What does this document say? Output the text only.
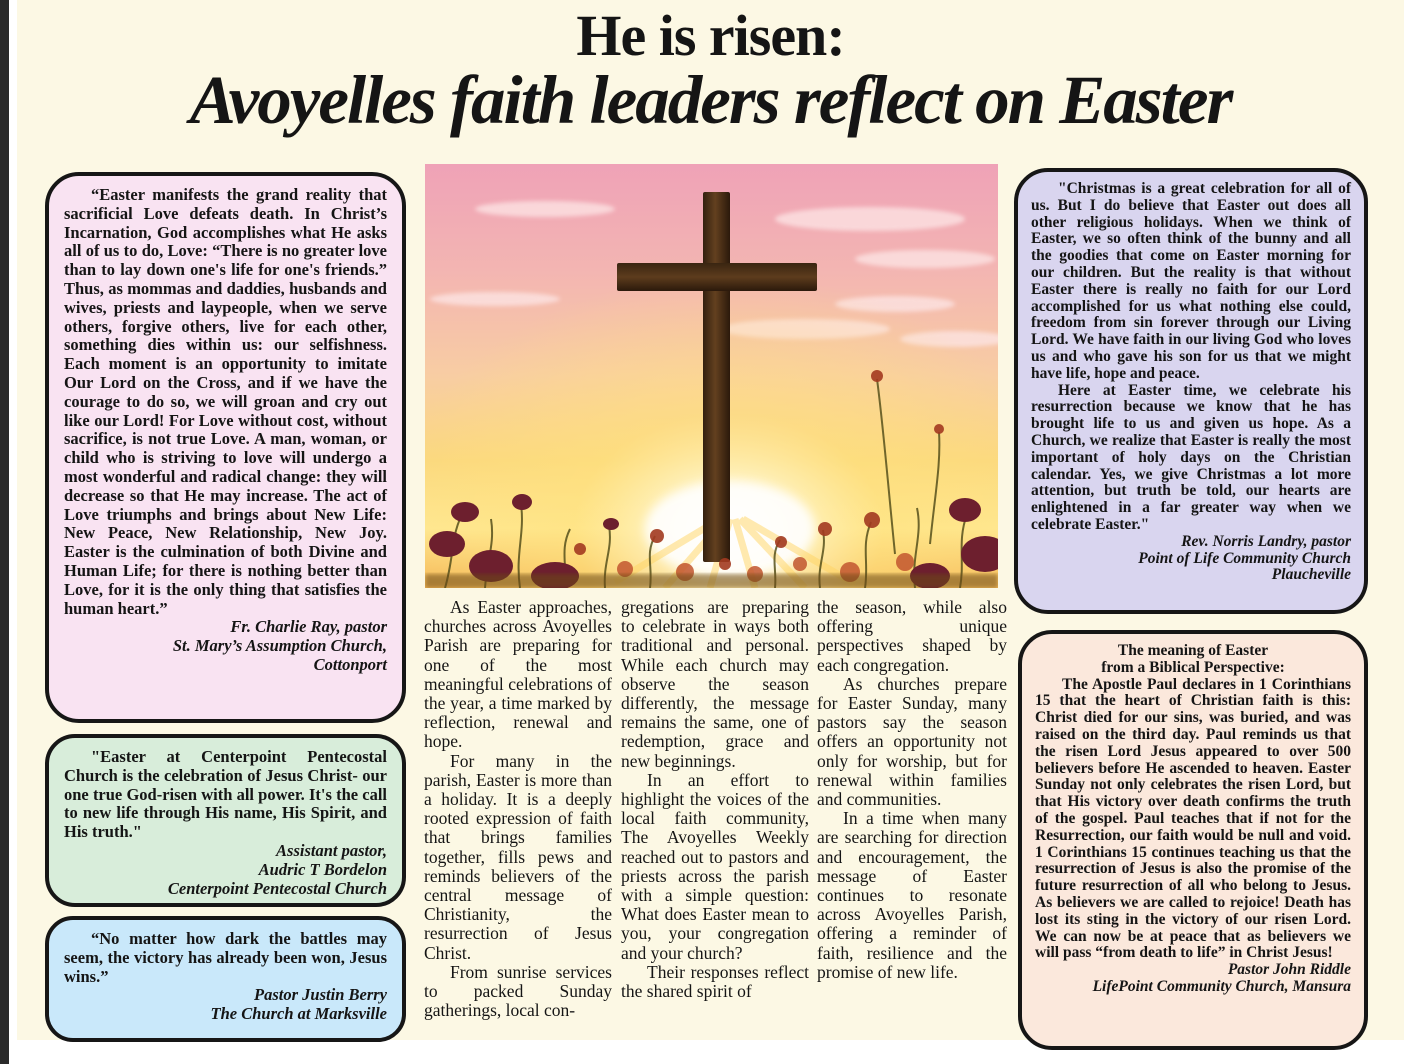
He is risen:
Avoyelles faith leaders reflect on Easter

“Easter manifests the grand reality that sacrificial Love defeats death. In Christ’s Incarnation, God accomplishes what He asks all of us to do, Love: “There is no greater love than to lay down one's life for one's friends.” Thus, as mommas and daddies, husbands and wives, priests and laypeople, when we serve others, forgive others, live for each other, something dies within us: our selfishness. Each moment is an opportunity to imitate Our Lord on the Cross, and if we have the courage to do so, we will groan and cry out like our Lord! For Love without cost, without sacrifice, is not true Love. A man, woman, or child who is striving to love will undergo a most wonderful and radical change: they will decrease so that He may increase. The act of Love triumphs and brings about New Life: New Peace, New Relationship, New Joy. Easter is the culmination of both Divine and Human Life; for there is nothing better than Love, for it is the only thing that satisfies the human heart.”

Fr. Charlie Ray, pastor
St. Mary’s Assumption Church,
Cottonport

"Easter at Centerpoint Pentecostal Church is the celebration of Jesus Christ- our one true God-risen with all power. It's the call to new life through His name, His Spirit, and His truth."

Assistant pastor,
Audric T Bordelon
Centerpoint Pentecostal Church

“No matter how dark the battles may seem, the victory has already been won, Jesus wins.”

Pastor Justin Berry
The Church at Marksville

As Easter approaches, churches across Avoyelles Parish are preparing for one of the most meaningful celebrations of the year, a time marked by reflection, renewal and hope.

For many in the parish, Easter is more than a holiday. It is a deeply rooted expression of faith that brings families together, fills pews and reminds believers of the central message of Christianity, the resurrection of Jesus Christ.

From sunrise services to packed Sunday gatherings, local con-

gregations are preparing to celebrate in ways both traditional and personal. While each church may observe the season differently, the message remains the same, one of redemption, grace and new beginnings.

In an effort to highlight the voices of the local faith community, The Avoyelles Weekly reached out to pastors and priests across the parish with a simple question: What does Easter mean to you, your congregation and your church?

Their responses reflect the shared spirit of

the season, while also offering unique perspectives shaped by each congregation.

As churches prepare for Easter Sunday, many pastors say the season offers an opportunity not only for worship, but for renewal within families and communities.

In a time when many are searching for direction and encouragement, the message of Easter continues to resonate across Avoyelles Parish, offering a reminder of faith, resilience and the promise of new life.

"Christmas is a great celebration for all of us. But I do believe that Easter out does all other religious holidays. When we think of Easter, we so often think of the bunny and all the goodies that come on Easter morning for our children. But the reality is that without Easter there is really no faith for our Lord accomplished for us what nothing else could, freedom from sin forever through our Living Lord. We have faith in our living God who loves us and who gave his son for us that we might have life, hope and peace.

Here at Easter time, we celebrate his resurrection because we know that he has brought life to us and given us hope. As a Church, we realize that Easter is really the most important of holy days on the Christian calendar. Yes, we give Christmas a lot more attention, but truth be told, our hearts are enlightened in a far greater way when we celebrate Easter."

Rev. Norris Landry, pastor
Point of Life Community Church
Plaucheville
The meaning of Easter
from a Biblical Perspective:

The Apostle Paul declares in 1 Corinthians 15 that the heart of Christian faith is this: Christ died for our sins, was buried, and was raised on the third day. Paul reminds us that the risen Lord Jesus appeared to over 500 believers before He ascended to heaven. Easter Sunday not only celebrates the risen Lord, but that His victory over death confirms the truth of the gospel. Paul teaches that if not for the Resurrection, our faith would be null and void. 1 Corinthians 15 continues teaching us that the resurrection of Jesus is also the promise of the future resurrection of all who belong to Jesus. As believers we are called to rejoice! Death has lost its sting in the victory of our risen Lord. We can now be at peace that as believers we will pass “from death to life” in Christ Jesus!

Pastor John Riddle
LifePoint Community Church, Mansura
